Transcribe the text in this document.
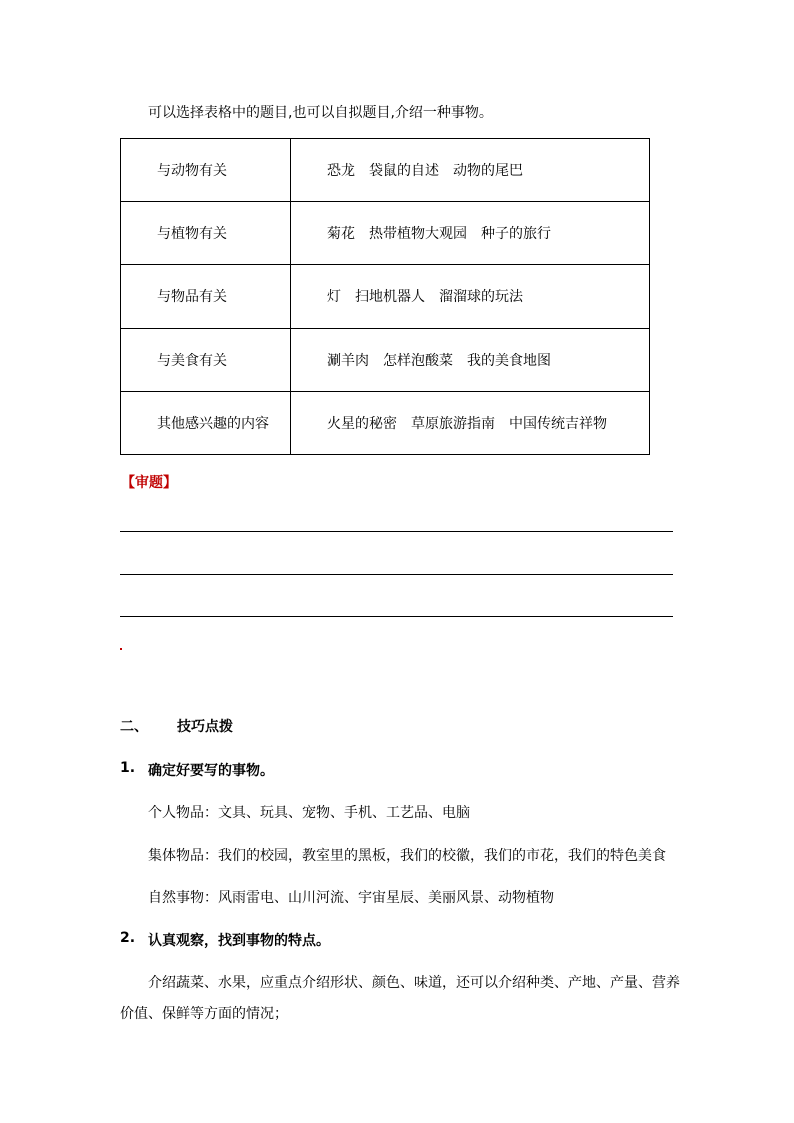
可以选择表格中的题目,也可以自拟题目,介绍一种事物。
与动物有关	恐龙 袋鼠的自述 动物的尾巴
与植物有关	菊花 热带植物大观园 种子的旅行
与物品有关	灯 扫地机器人 溜溜球的玩法
与美食有关	涮羊肉 怎样泡酸菜 我的美食地图
其他感兴趣的内容	火星的秘密 草原旅游指南 中国传统吉祥物
【审题】
二、 技巧点拨
1. 确定好要写的事物。
个人物品：文具、玩具、宠物、手机、工艺品、电脑
集体物品：我们的校园，教室里的黑板，我们的校徽，我们的市花，我们的特色美食
自然事物：风雨雷电、山川河流、宇宙星辰、美丽风景、动物植物
2. 认真观察，找到事物的特点。
介绍蔬菜、水果，应重点介绍形状、颜色、味道，还可以介绍种类、产地、产量、营养
价值、保鲜等方面的情况；
